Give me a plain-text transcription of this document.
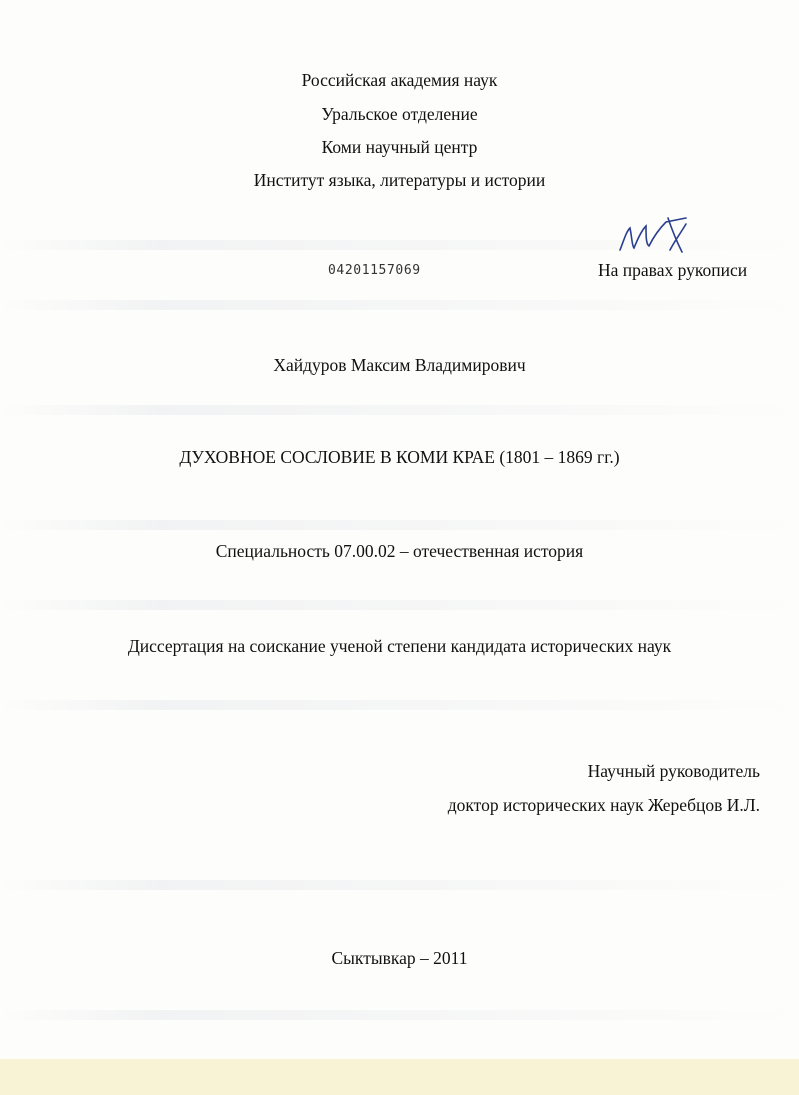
Российская академия наук
Уральское отделение
Коми научный центр
Институт языка, литературы и истории
04201157069	На правах рукописи
Хайдуров Максим Владимирович
ДУХОВНОЕ СОСЛОВИЕ В КОМИ КРАЕ (1801 – 1869 гг.)
Специальность 07.00.02 – отечественная история
Диссертация на соискание ученой степени кандидата исторических наук
Научный руководитель
доктор исторических наук Жеребцов И.Л.
Сыктывкар – 2011
